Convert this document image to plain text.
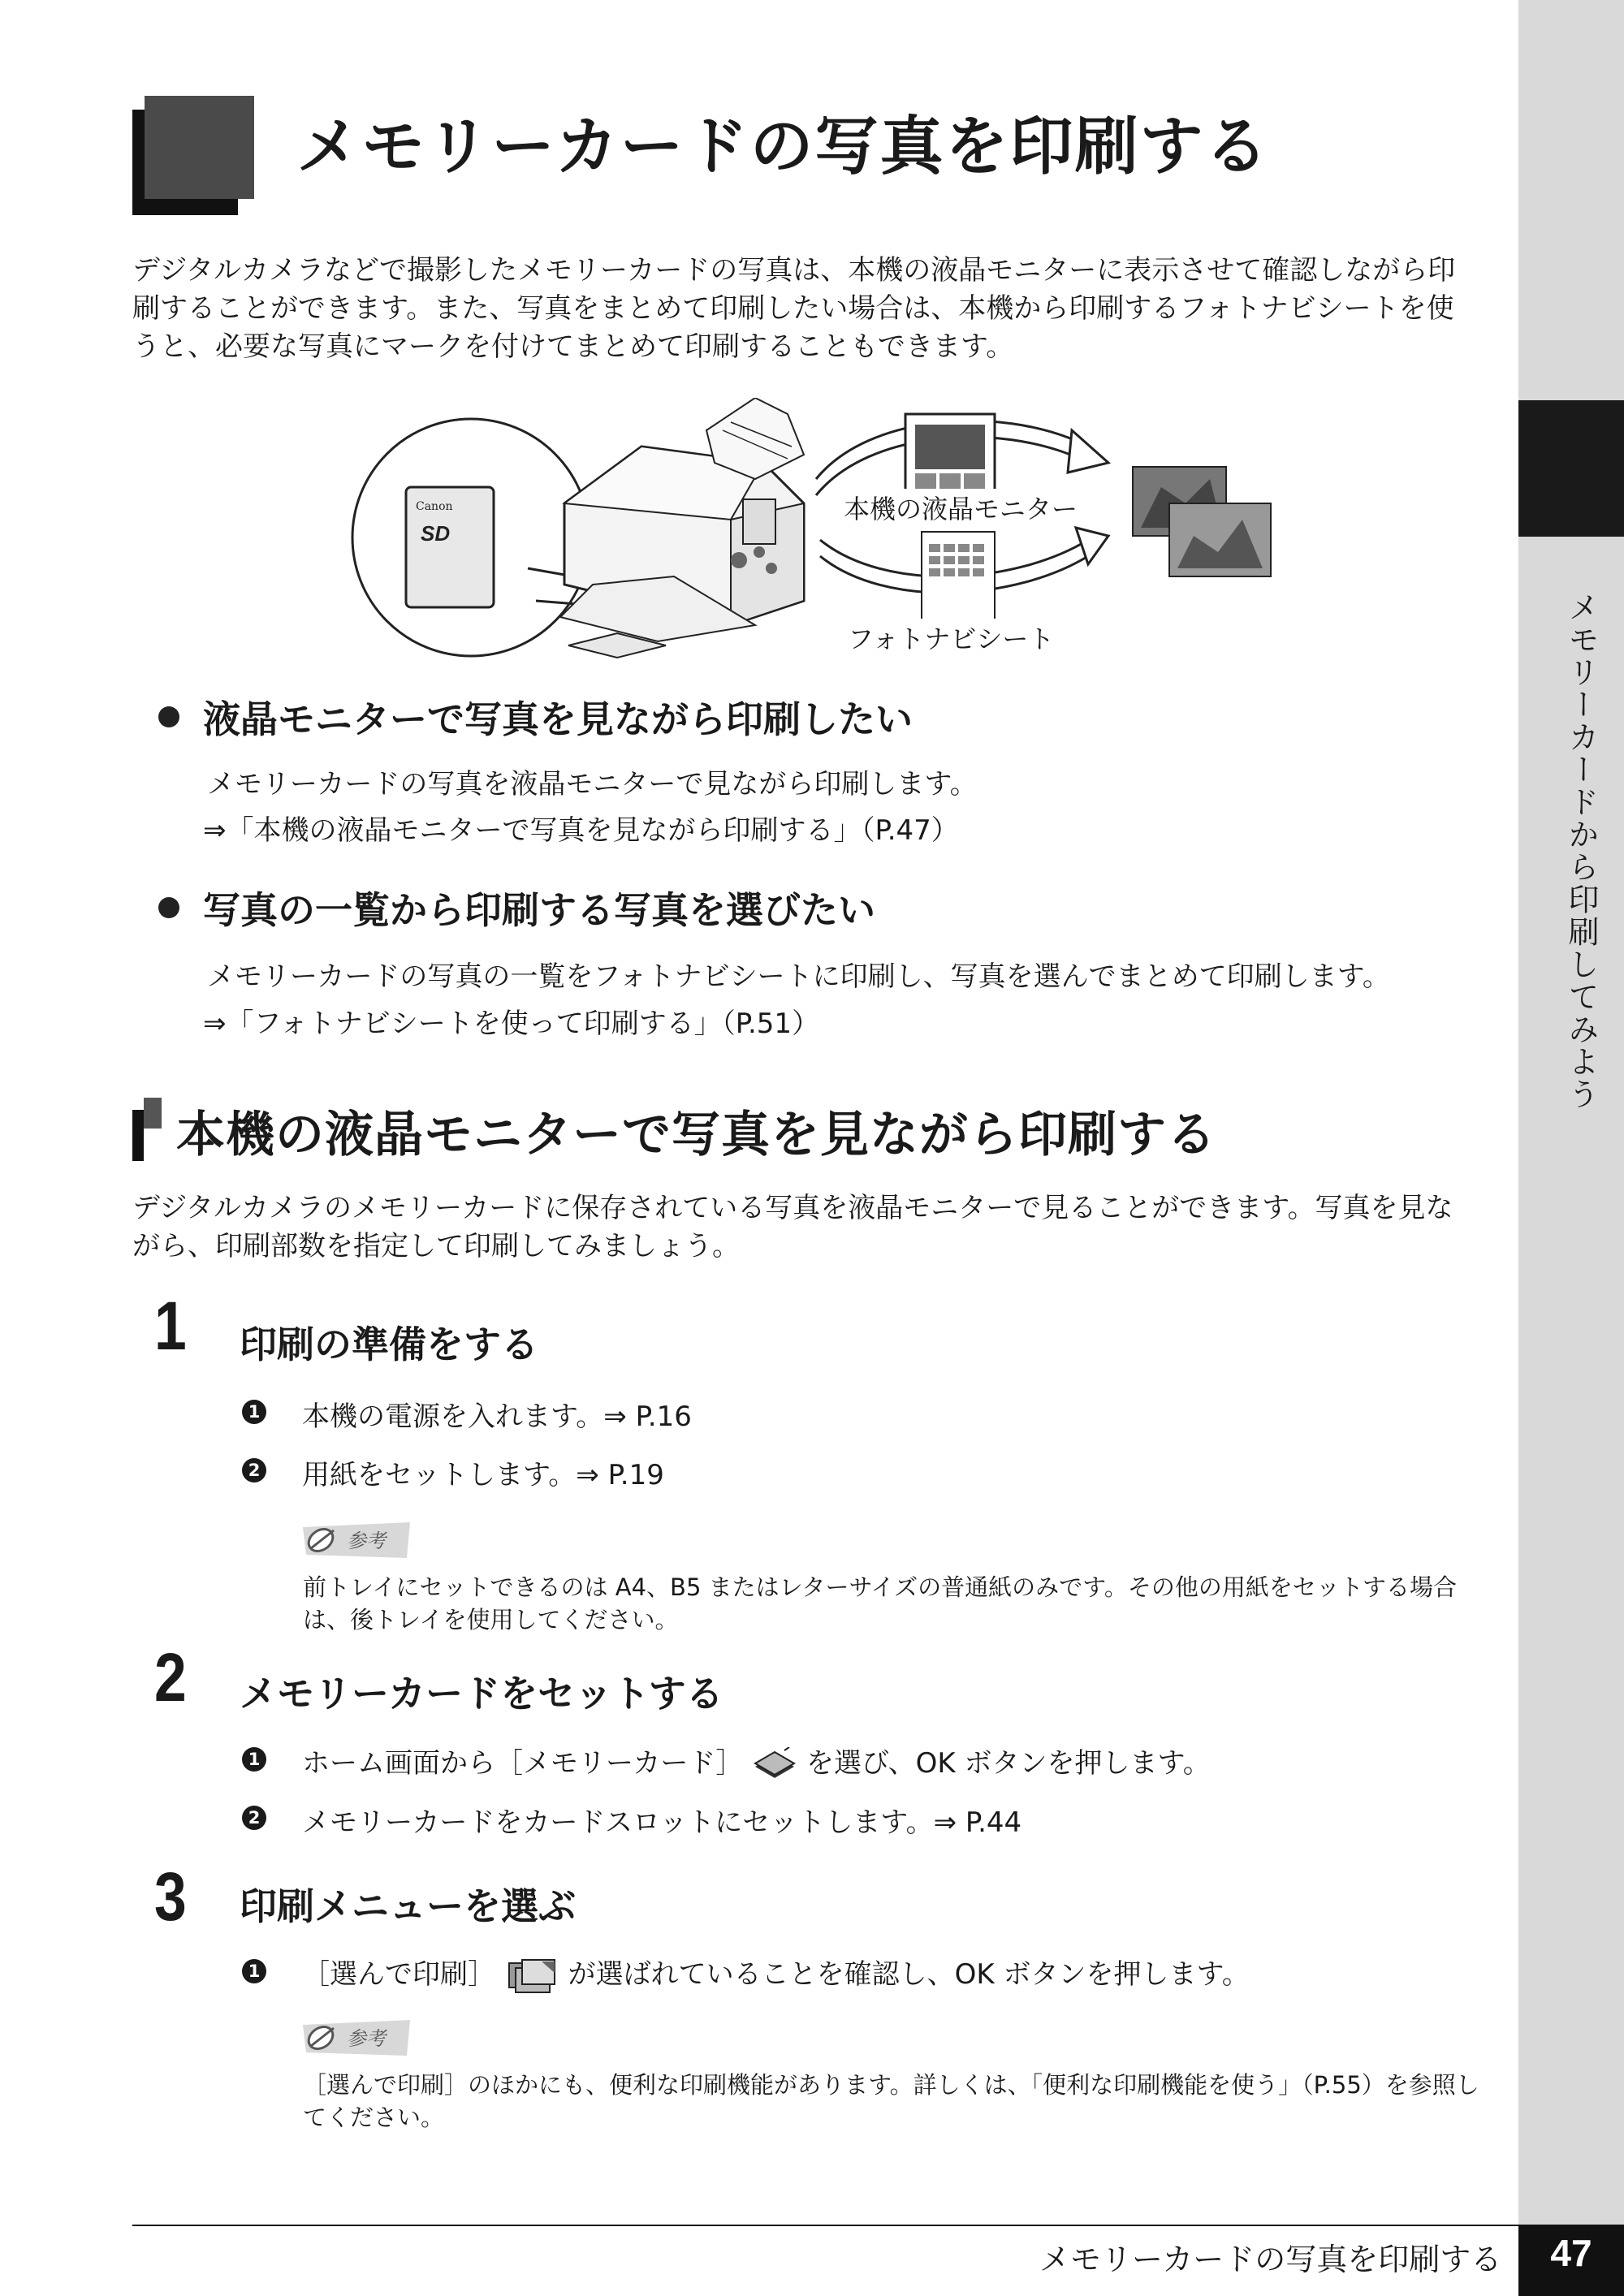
メモリーカードから印刷してみよう
メモリーカードの写真を印刷する
デジタルカメラなどで撮影したメモリーカードの写真は、本機の液晶モニターに表示させて確認しながら印刷することができます。また、写真をまとめて印刷したい場合は、本機から印刷するフォトナビシートを使うと、必要な写真にマークを付けてまとめて印刷することもできます。
Canon
SD
本機の液晶モニター
フォトナビシート
液晶モニターで写真を見ながら印刷したい
メモリーカードの写真を液晶モニターで見ながら印刷します。
⇒「本機の液晶モニターで写真を見ながら印刷する」（P.47）
写真の一覧から印刷する写真を選びたい
メモリーカードの写真の一覧をフォトナビシートに印刷し、写真を選んでまとめて印刷します。
⇒「フォトナビシートを使って印刷する」（P.51）
本機の液晶モニターで写真を見ながら印刷する
デジタルカメラのメモリーカードに保存されている写真を液晶モニターで見ることができます。写真を見ながら、印刷部数を指定して印刷してみましょう。
1 印刷の準備をする
1 本機の電源を入れます。⇒ P.16
2 用紙をセットします。⇒ P.19
参考
前トレイにセットできるのは A4、B5 またはレターサイズの普通紙のみです。その他の用紙をセットする場合は、後トレイを使用してください。
2 メモリーカードをセットする
1 ホーム画面から［メモリーカード］ を選び、OK ボタンを押します。
2 メモリーカードをカードスロットにセットします。⇒ P.44
3 印刷メニューを選ぶ
1 ［選んで印刷］	が選ばれていることを確認し、OK ボタンを押します。
参考
［選んで印刷］のほかにも、便利な印刷機能があります。詳しくは、「便利な印刷機能を使う」（P.55）を参照してください。
メモリーカードの写真を印刷する	47
